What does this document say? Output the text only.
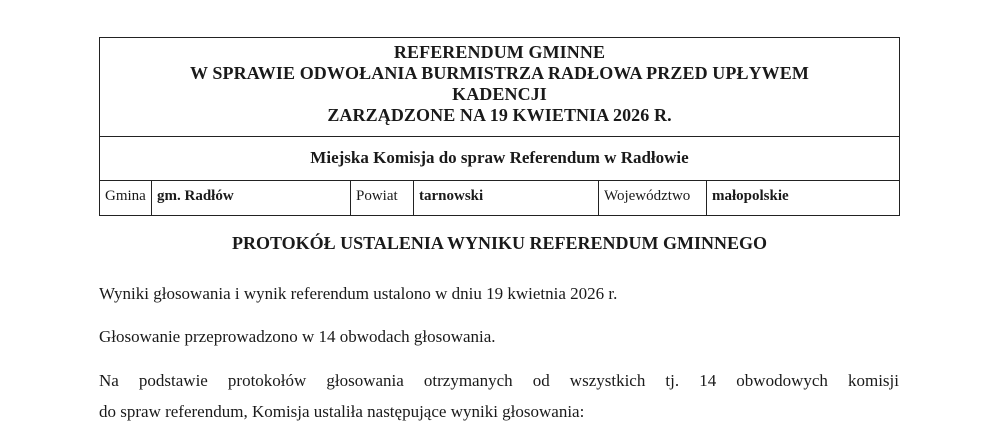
REFERENDUM GMINNE
W SPRAWIE ODWOŁANIA BURMISTRZA RADŁOWA PRZED UPŁYWEM
KADENCJI
ZARZĄDZONE NA 19 KWIETNIA 2026 R.
Miejska Komisja do spraw Referendum w Radłowie
Gmina gm. Radłów	Powiat	tarnowski	Województwo	małopolskie
PROTOKÓŁ USTALENIA WYNIKU REFERENDUM GMINNEGO
Wyniki głosowania i wynik referendum ustalono w dniu 19 kwietnia 2026 r.
Głosowanie przeprowadzono w 14 obwodach głosowania.
Na podstawie protokołów głosowania otrzymanych od wszystkich tj. 14 obwodowych komisji
do spraw referendum, Komisja ustaliła następujące wyniki głosowania:
